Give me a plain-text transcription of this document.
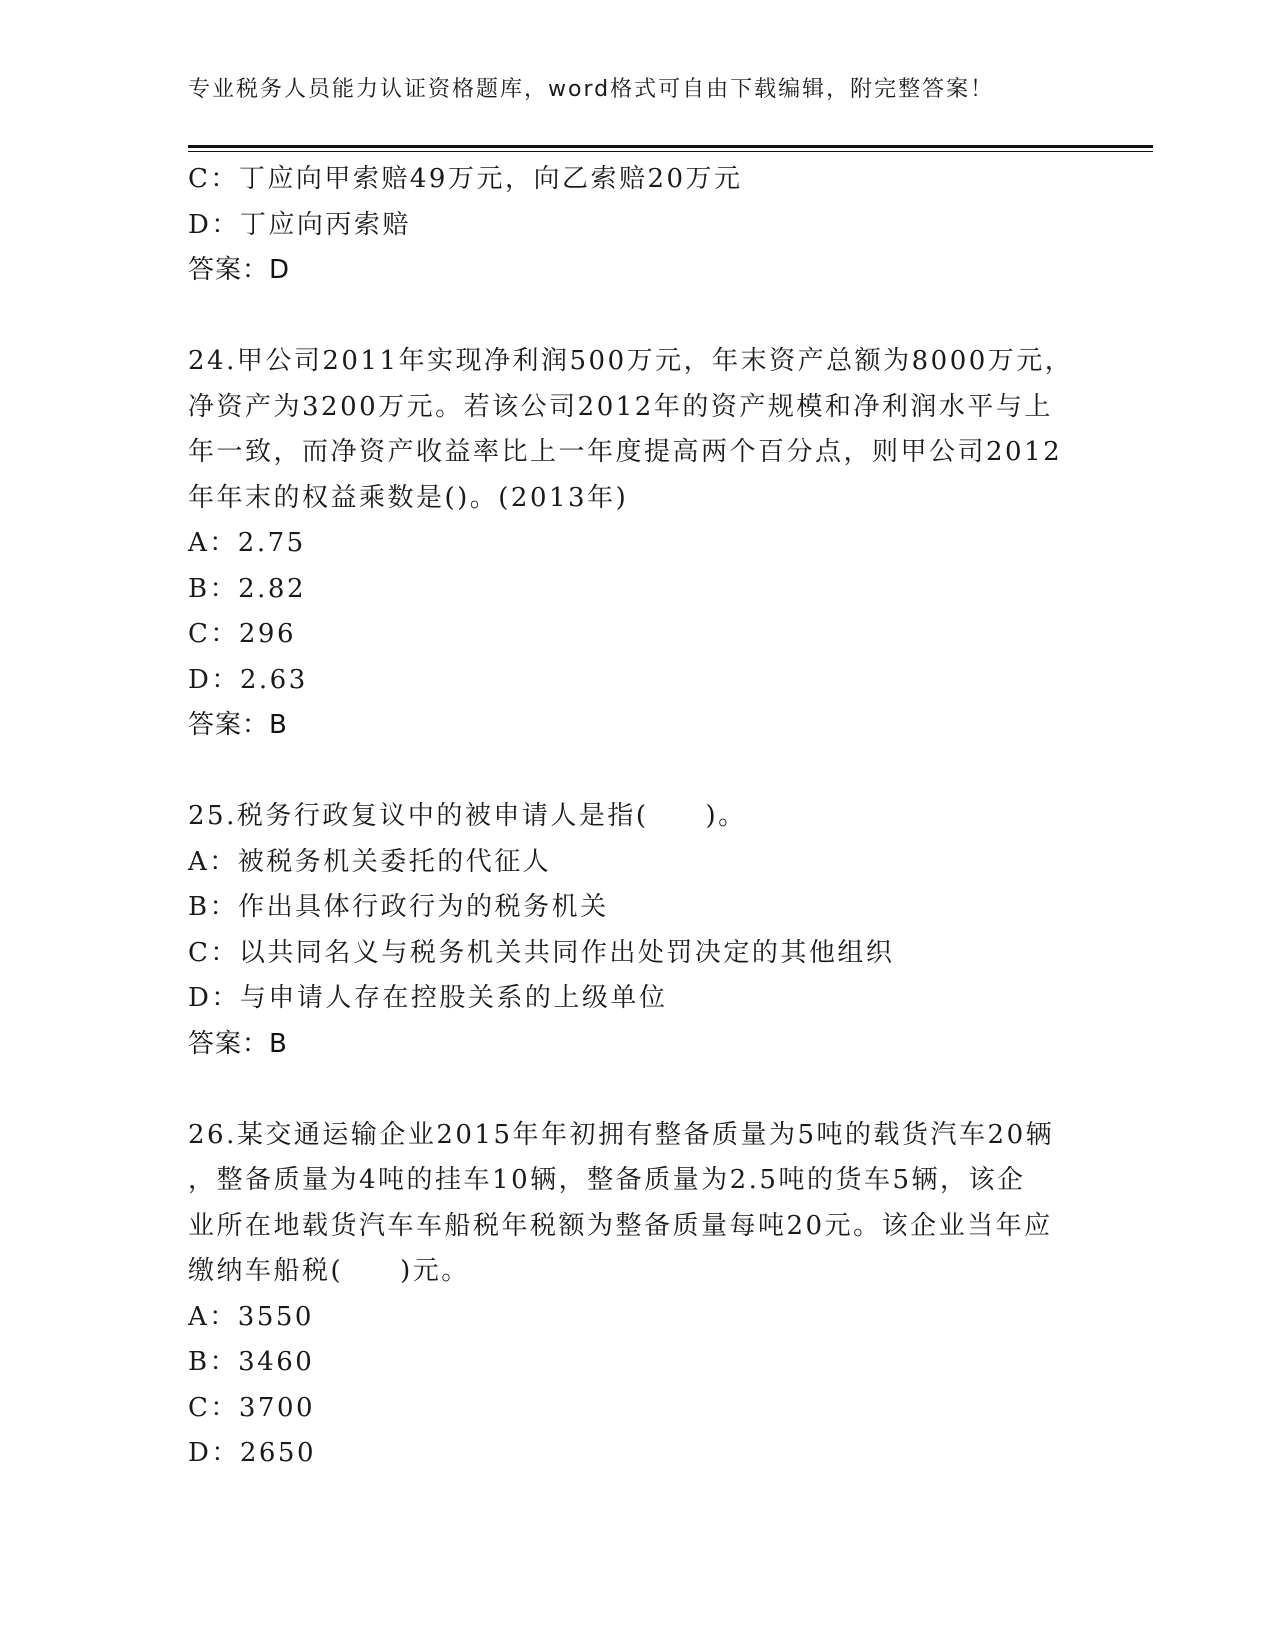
专业税务人员能力认证资格题库，word格式可自由下载编辑，附完整答案！
C：丁应向甲索赔49万元，向乙索赔20万元
D：丁应向丙索赔
答案：D
24.甲公司2011年实现净利润500万元，年末资产总额为8000万元，
净资产为3200万元。若该公司2012年的资产规模和净利润水平与上
年一致，而净资产收益率比上一年度提高两个百分点，则甲公司2012
年年末的权益乘数是()。(2013年)
A：2.75
B：2.82
C：296
D：2.63
答案：B
25.税务行政复议中的被申请人是指(　　)。
A：被税务机关委托的代征人
B：作出具体行政行为的税务机关
C：以共同名义与税务机关共同作出处罚决定的其他组织
D：与申请人存在控股关系的上级单位
答案：B
26.某交通运输企业2015年年初拥有整备质量为5吨的载货汽车20辆
，整备质量为4吨的挂车10辆，整备质量为2.5吨的货车5辆，该企
业所在地载货汽车车船税年税额为整备质量每吨20元。该企业当年应
缴纳车船税(　　)元。
A：3550
B：3460
C：3700
D：2650
